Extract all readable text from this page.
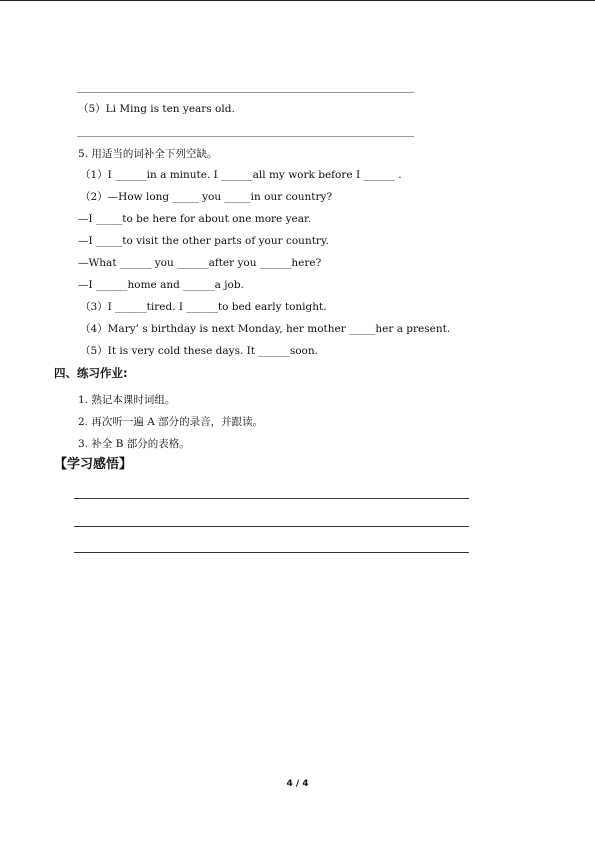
（5）Li Ming is ten years old.
5. 用适当的词补全下列空缺。
（1）I ______in a minute. I ______all my work before I ______ .
（2）—How long _____ you _____in our country?
—I _____to be here for about one more year.
—I _____to visit the other parts of your country.
—What ______ you ______after you ______here?
—I ______home and ______a job.
（3）I ______tired. I ______to bed early tonight.
（4）Mary’ s birthday is next Monday, her mother _____her a present.
（5）It is very cold these days. It ______soon.
四、练习作业:
1. 熟记本课时词组。
2. 再次听一遍 A 部分的录音，并跟读。
3. 补全 B 部分的表格。
【学习感悟】
4 / 4
